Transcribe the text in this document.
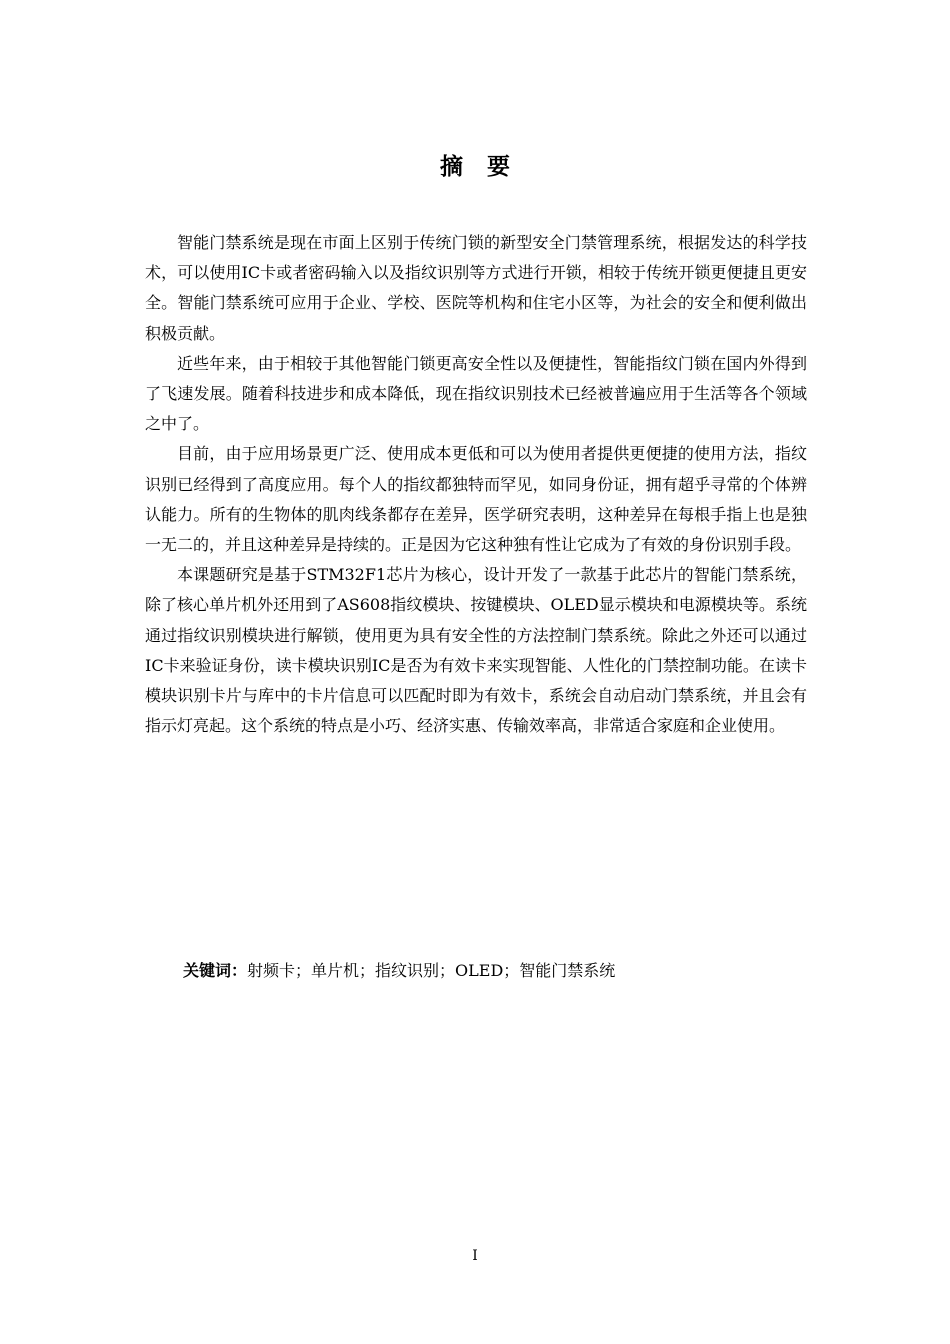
摘要

智能门禁系统是现在市面上区别于传统门锁的新型安全门禁管理系统，根据发达的科学技术，可以使用IC卡或者密码输入以及指纹识别等方式进行开锁，相较于传统开锁更便捷且更安全。智能门禁系统可应用于企业、学校、医院等机构和住宅小区等，为社会的安全和便利做出积极贡献。

近些年来，由于相较于其他智能门锁更高安全性以及便捷性，智能指纹门锁在国内外得到了飞速发展。随着科技进步和成本降低，现在指纹识别技术已经被普遍应用于生活等各个领域之中了。

目前，由于应用场景更广泛、使用成本更低和可以为使用者提供更便捷的使用方法，指纹识别已经得到了高度应用。每个人的指纹都独特而罕见，如同身份证，拥有超乎寻常的个体辨认能力。所有的生物体的肌肉线条都存在差异，医学研究表明，这种差异在每根手指上也是独一无二的，并且这种差异是持续的。正是因为它这种独有性让它成为了有效的身份识别手段。

本课题研究是基于STM32F1芯片为核心，设计开发了一款基于此芯片的智能门禁系统，除了核心单片机外还用到了AS608指纹模块、按键模块、OLED显示模块和电源模块等。系统通过指纹识别模块进行解锁，使用更为具有安全性的方法控制门禁系统。除此之外还可以通过IC卡来验证身份，读卡模块识别IC是否为有效卡来实现智能、人性化的门禁控制功能。在读卡模块识别卡片与库中的卡片信息可以匹配时即为有效卡，系统会自动启动门禁系统，并且会有指示灯亮起。这个系统的特点是小巧、经济实惠、传输效率高，非常适合家庭和企业使用。

关键词：射频卡；单片机；指纹识别；OLED；智能门禁系统
I
